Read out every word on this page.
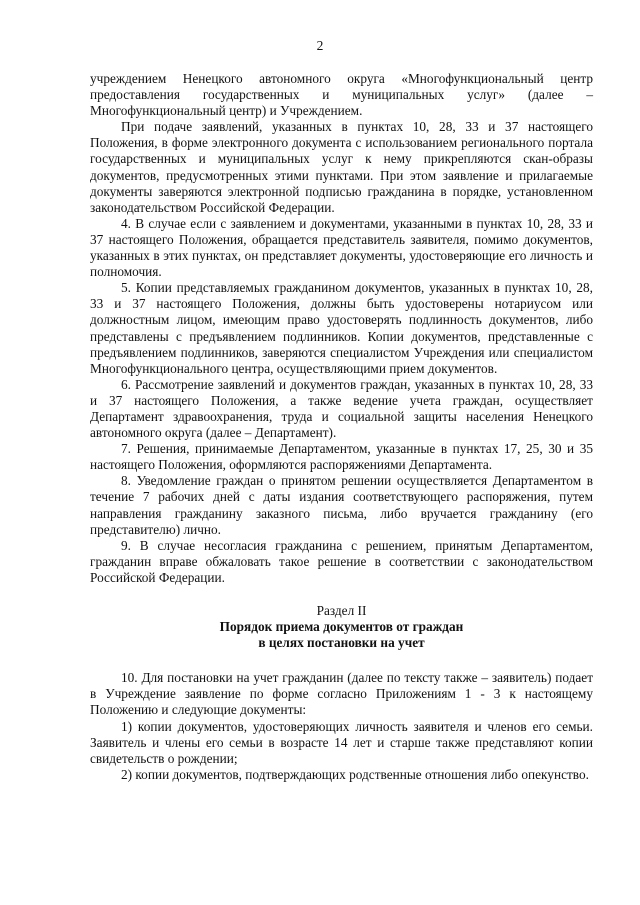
2

учреждением Ненецкого автономного округа «Многофункциональный центр предоставления государственных и муниципальных услуг» (далее – Многофункциональный центр) и Учреждением.

При подаче заявлений, указанных в пунктах 10, 28, 33 и 37 настоящего Положения, в форме электронного документа с использованием регионального портала государственных и муниципальных услуг к нему прикрепляются скан-образы документов, предусмотренных этими пунктами. При этом заявление и прилагаемые документы заверяются электронной подписью гражданина в порядке, установленном законодательством Российской Федерации.

4. В случае если с заявлением и документами, указанными в пунктах 10, 28, 33 и 37 настоящего Положения, обращается представитель заявителя, помимо документов, указанных в этих пунктах, он представляет документы, удостоверяющие его личность и полномочия.

5. Копии представляемых гражданином документов, указанных в пунктах 10, 28, 33 и 37 настоящего Положения, должны быть удостоверены нотариусом или должностным лицом, имеющим право удостоверять подлинность документов, либо представлены с предъявлением подлинников. Копии документов, представленные с предъявлением подлинников, заверяются специалистом Учреждения или специалистом Многофункционального центра, осуществляющими прием документов.

6. Рассмотрение заявлений и документов граждан, указанных в пунктах 10, 28, 33 и 37 настоящего Положения, а также ведение учета граждан, осуществляет Департамент здравоохранения, труда и социальной защиты населения Ненецкого автономного округа (далее – Департамент).

7. Решения, принимаемые Департаментом, указанные в пунктах 17, 25, 30 и 35 настоящего Положения, оформляются распоряжениями Департамента.

8. Уведомление граждан о принятом решении осуществляется Департаментом в течение 7 рабочих дней с даты издания соответствующего распоряжения, путем направления гражданину заказного письма, либо вручается гражданину (его представителю) лично.

9. В случае несогласия гражданина с решением, принятым Департаментом, гражданин вправе обжаловать такое решение в соответствии с законодательством Российской Федерации.

Раздел II

Порядок приема документов от граждан

в целях постановки на учет

10. Для постановки на учет гражданин (далее по тексту также – заявитель) подает в Учреждение заявление по форме согласно Приложениям 1 - 3 к настоящему Положению и следующие документы:

1) копии документов, удостоверяющих личность заявителя и членов его семьи. Заявитель и члены его семьи в возрасте 14 лет и старше также представляют копии свидетельств о рождении;

2) копии документов, подтверждающих родственные отношения либо опекунство.
